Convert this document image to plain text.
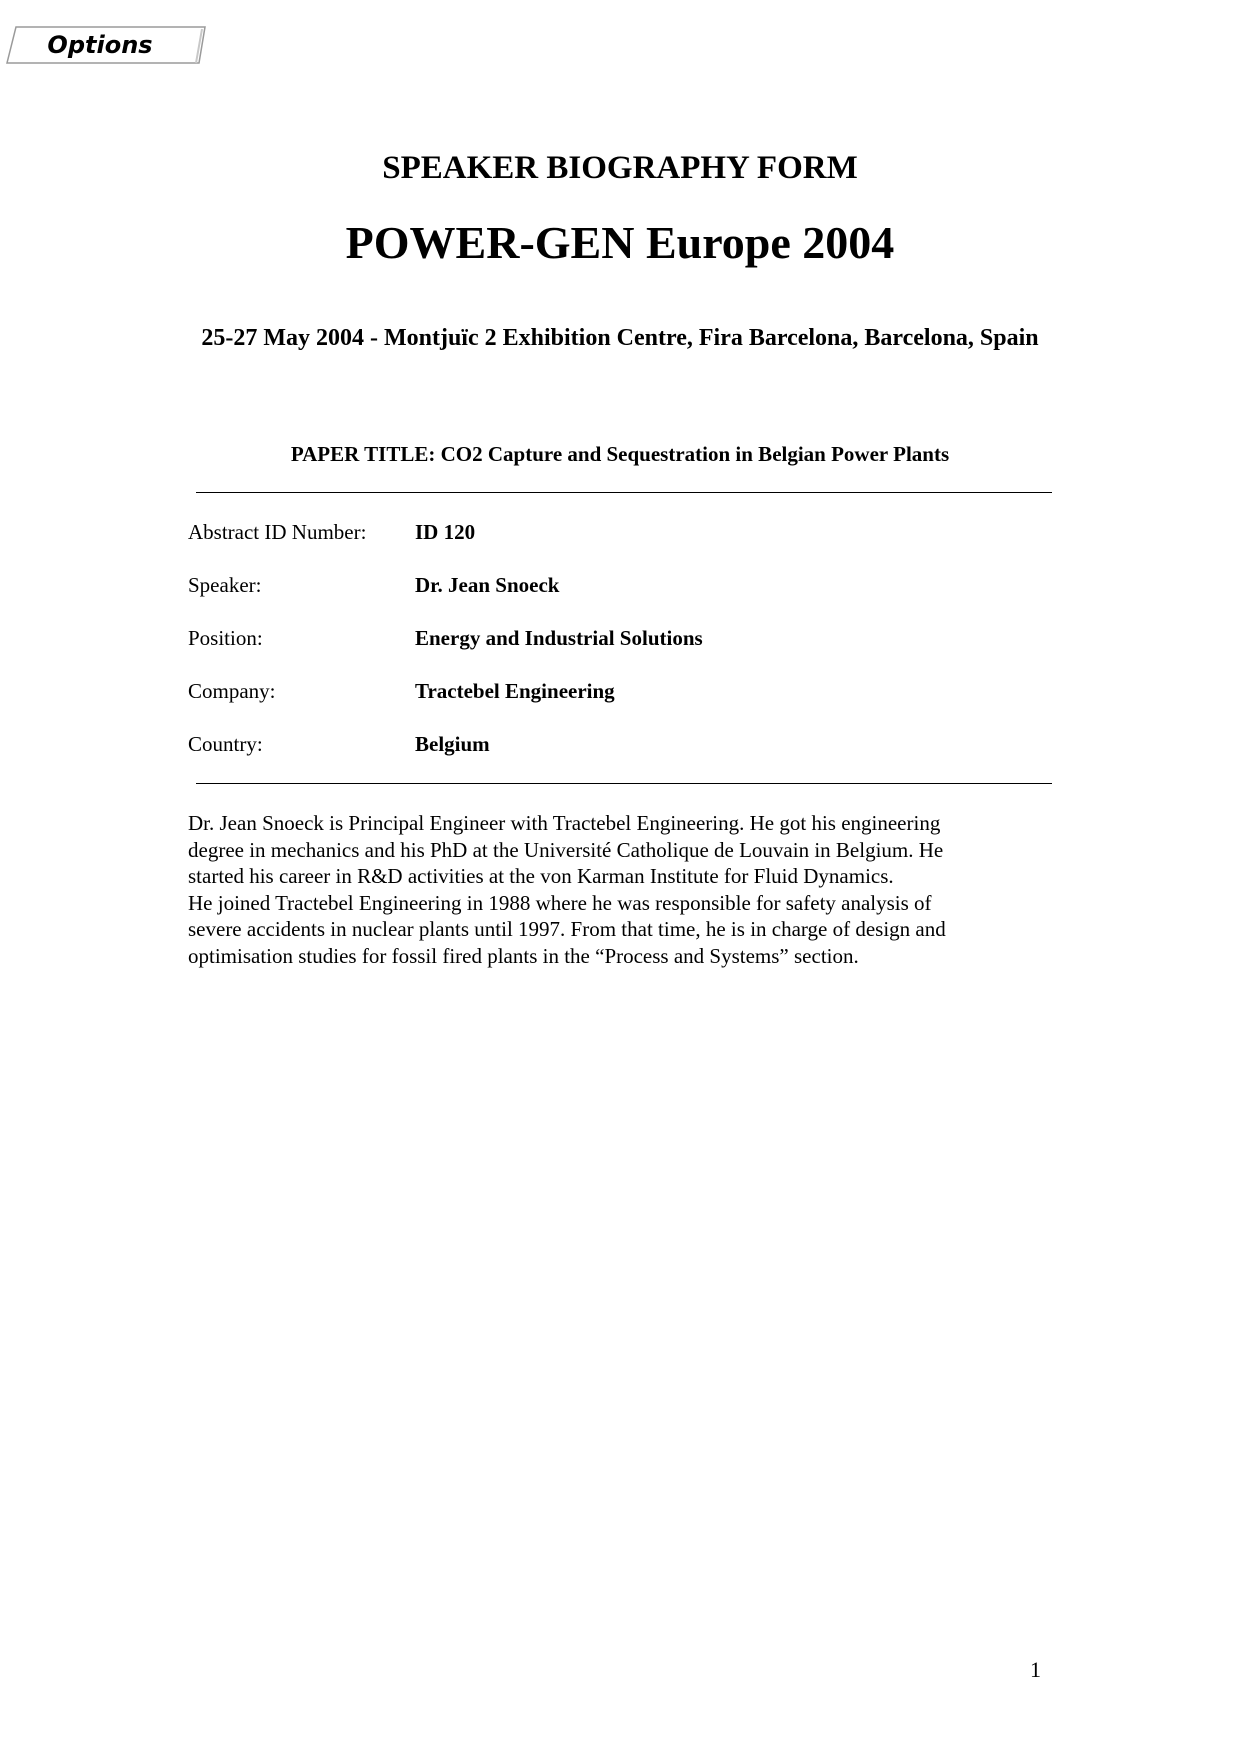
Options
SPEAKER BIOGRAPHY FORM
POWER-GEN Europe 2004
25-27 May 2004 - Montjuïc 2 Exhibition Centre, Fira Barcelona, Barcelona, Spain
PAPER TITLE: CO2 Capture and Sequestration in Belgian Power Plants
Abstract ID Number: ID 120
Speaker:	Dr. Jean Snoeck
Position:	Energy and Industrial Solutions
Company:	Tractebel Engineering
Country:	Belgium

Dr. Jean Snoeck is Principal Engineer with Tractebel Engineering. He got his engineering

degree in mechanics and his PhD at the Université Catholique de Louvain in Belgium. He

started his career in R&D activities at the von Karman Institute for Fluid Dynamics.

He joined Tractebel Engineering in 1988 where he was responsible for safety analysis of

severe accidents in nuclear plants until 1997. From that time, he is in charge of design and

optimisation studies for fossil fired plants in the “Process and Systems” section.

1
